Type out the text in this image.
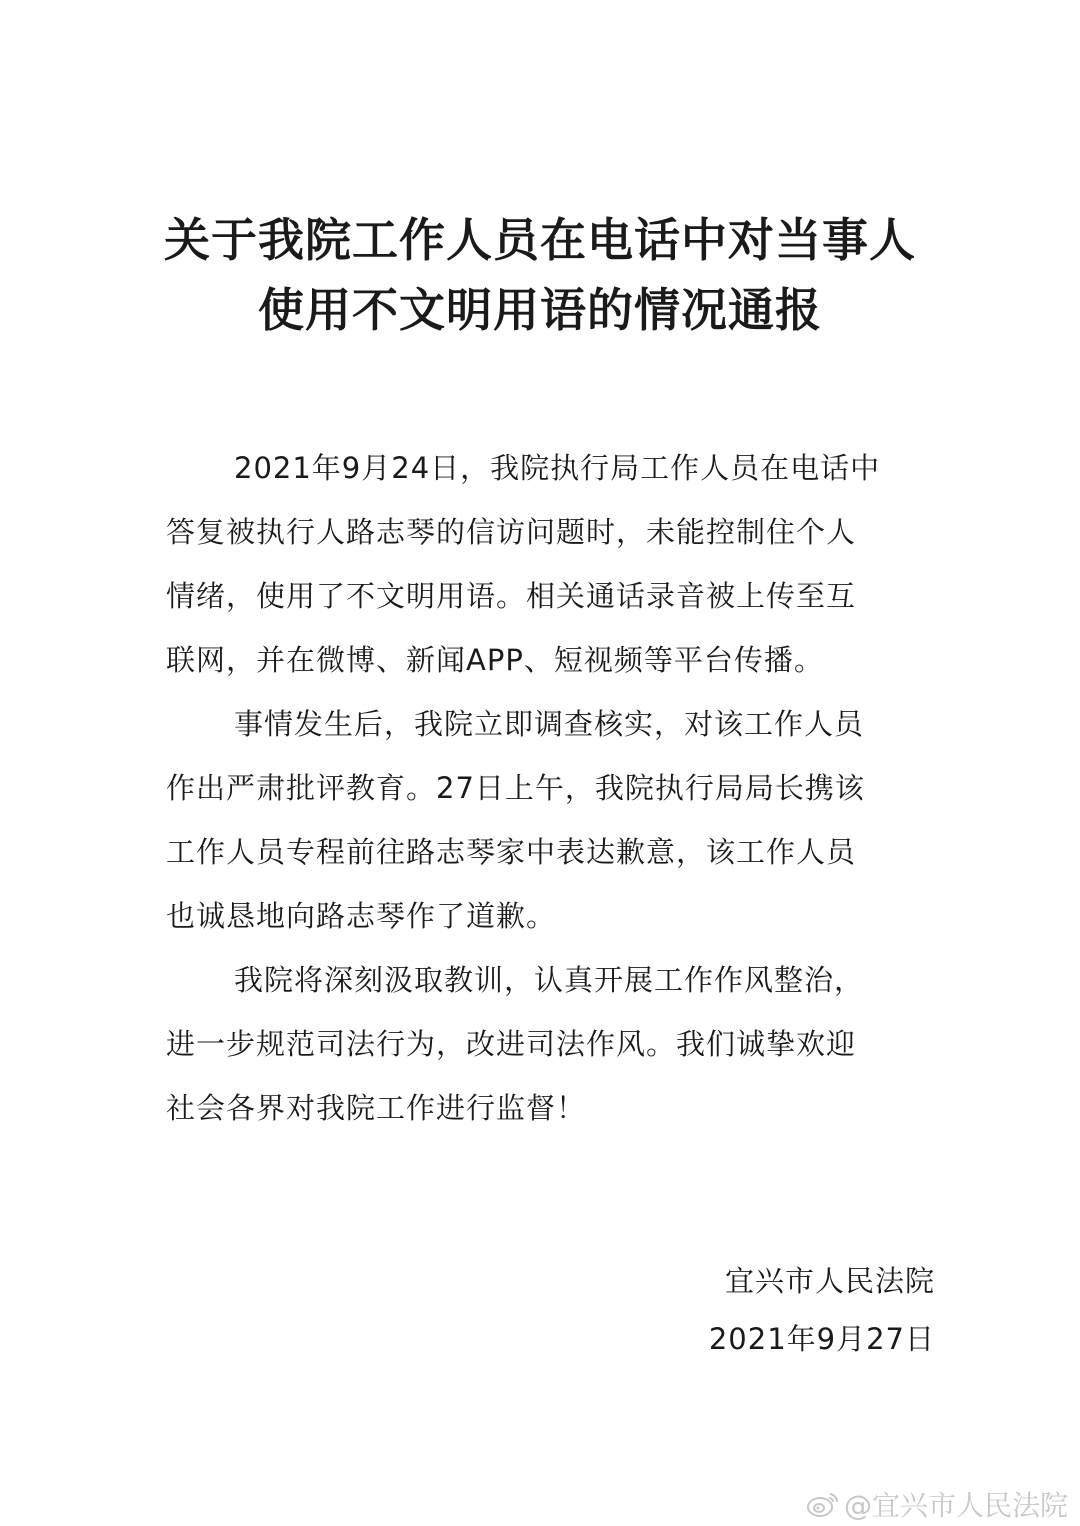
关于我院工作人员在电话中对当事人
使用不文明用语的情况通报
2021年9月24日，我院执行局工作人员在电话中
答复被执行人路志琴的信访问题时，未能控制住个人
情绪，使用了不文明用语。相关通话录音被上传至互
联网，并在微博、新闻APP、短视频等平台传播。
事情发生后，我院立即调查核实，对该工作人员
作出严肃批评教育。27日上午，我院执行局局长携该
工作人员专程前往路志琴家中表达歉意，该工作人员
也诚恳地向路志琴作了道歉。
我院将深刻汲取教训，认真开展工作作风整治，
进一步规范司法行为，改进司法作风。我们诚挚欢迎
社会各界对我院工作进行监督！
宜兴市人民法院
2021年9月27日
@宜兴市人民法院
